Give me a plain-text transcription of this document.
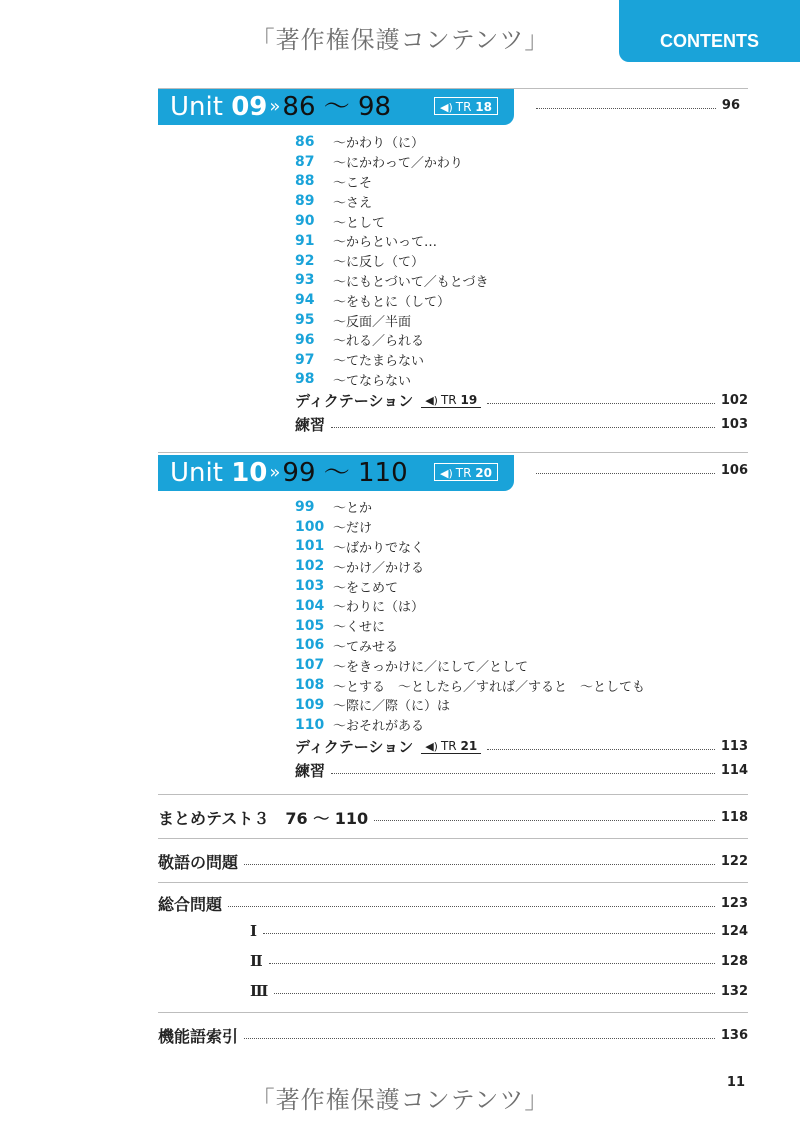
「著作権保護コンテンツ」
「著作権保護コンテンツ」
CONTENTS
Unit 09 »86 〜 98	◀) TR 18	96
86	〜かわり（に）
87	〜にかわって／かわり
88	〜こそ
89	〜さえ
90	〜として
91	〜からといって…
92	〜に反し（て）
93	〜にもとづいて／もとづき
94	〜をもとに（して）
95	〜反面／半面
96	〜れる／られる
97	〜てたまらない
98	〜てならない
ディクテーション	◀) TR 19	102
練習	103
Unit 10 »99 〜 110	◀) TR 20	106
99	〜とか
100 〜だけ
101 〜ばかりでなく
102 〜かけ／かける
103 〜をこめて
104 〜わりに（は）
105 〜くせに
106 〜てみせる
107 〜をきっかけに／にして／として
108 〜とする　〜としたら／すれば／すると　〜としても
109 〜際に／際（に）は
110 〜おそれがある
ディクテーション	◀) TR 21	113
練習	114
まとめテスト３　76 〜 110	118
敬語の問題	122
総合問題	123
Ⅰ	124
Ⅱ	128
Ⅲ	132
機能語索引	136
11
